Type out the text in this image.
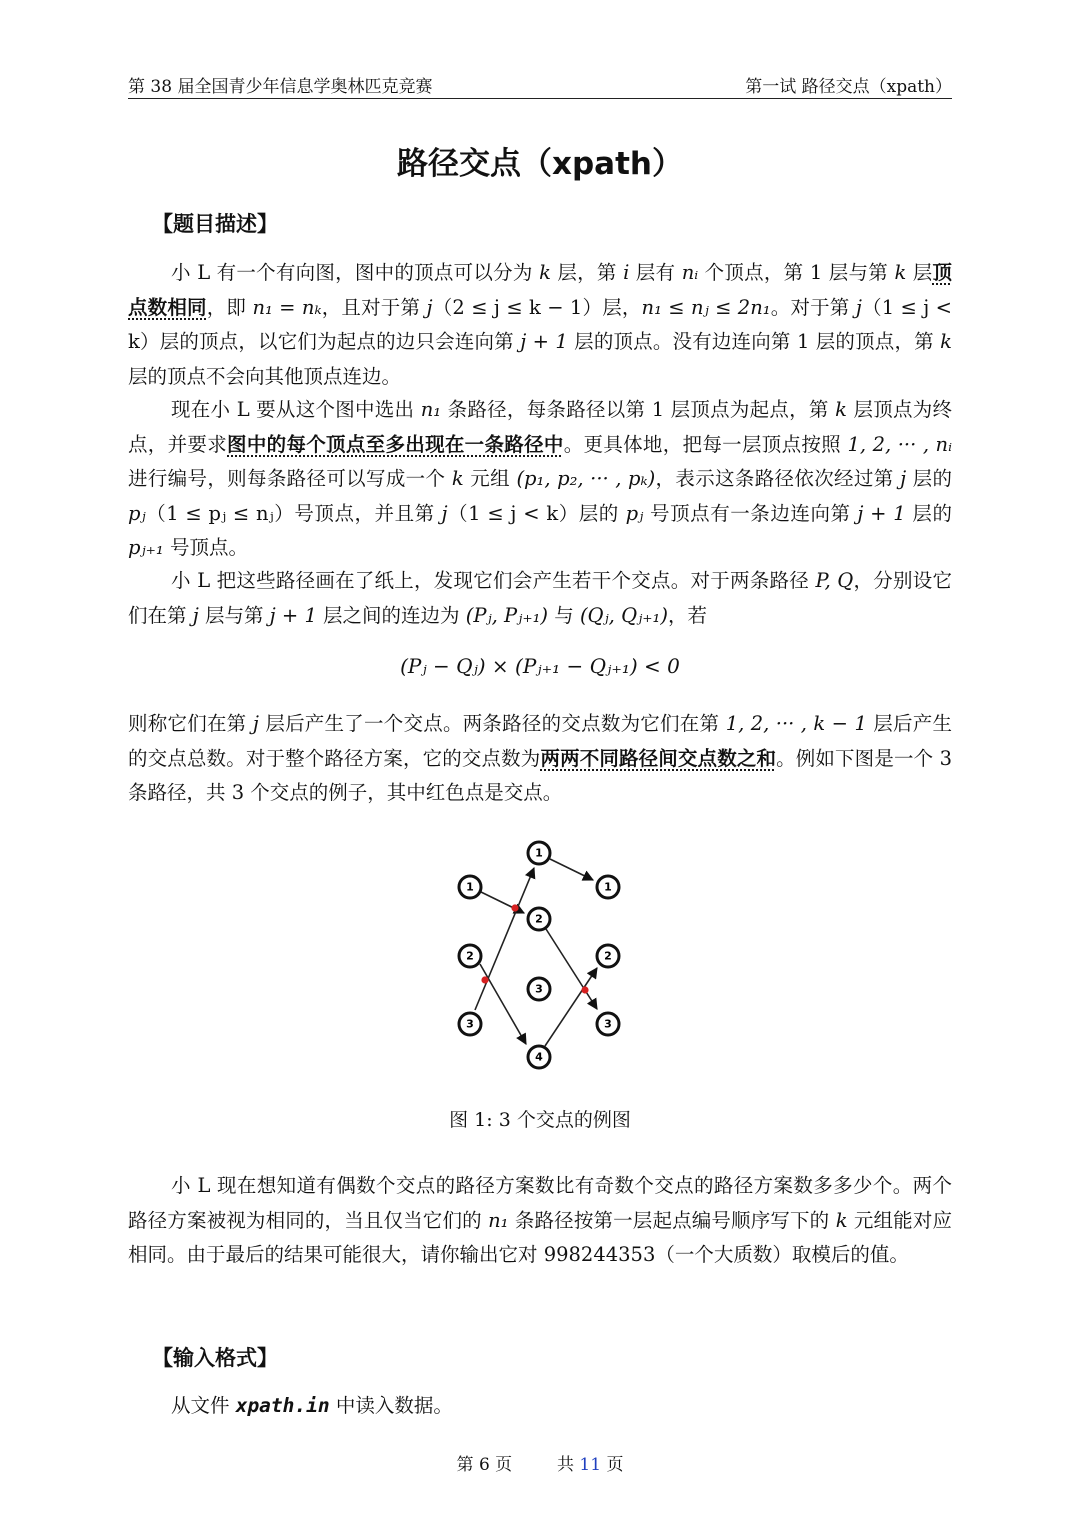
第 38 届全国青少年信息学奥林匹克竞赛	第一试 路径交点（xpath）
路径交点（xpath）
【题目描述】
小 L 有一个有向图，图中的顶点可以分为 k 层，第 i 层有 nᵢ 个顶点，第 1 层与第 k 层顶点数相同，即 n₁ = nₖ，且对于第 j（2 ≤ j ≤ k − 1）层，n₁ ≤ nⱼ ≤ 2n₁。对于第 j（1 ≤ j < k）层的顶点，以它们为起点的边只会连向第 j + 1 层的顶点。没有边连向第 1 层的顶点，第 k 层的顶点不会向其他顶点连边。
现在小 L 要从这个图中选出 n₁ 条路径，每条路径以第 1 层顶点为起点，第 k 层顶点为终点，并要求图中的每个顶点至多出现在一条路径中。更具体地，把每一层顶点按照 1, 2, ··· , nᵢ 进行编号，则每条路径可以写成一个 k 元组 (p₁, p₂, ··· , pₖ)，表示这条路径依次经过第 j 层的 pⱼ（1 ≤ pⱼ ≤ nⱼ）号顶点，并且第 j（1 ≤ j < k）层的 pⱼ 号顶点有一条边连向第 j + 1 层的 pⱼ₊₁ 号顶点。
小 L 把这些路径画在了纸上，发现它们会产生若干个交点。对于两条路径 P, Q，分别设它们在第 j 层与第 j + 1 层之间的连边为 (Pⱼ, Pⱼ₊₁) 与 (Qⱼ, Qⱼ₊₁)，若
(Pⱼ − Qⱼ) × (Pⱼ₊₁ − Qⱼ₊₁) < 0
则称它们在第 j 层后产生了一个交点。两条路径的交点数为它们在第 1, 2, ··· , k − 1 层后产生的交点总数。对于整个路径方案，它的交点数为两两不同路径间交点数之和。例如下图是一个 3 条路径，共 3 个交点的例子，其中红色点是交点。
1
2
3
1
2
3
4
1
2
3
图 1: 3 个交点的例图
小 L 现在想知道有偶数个交点的路径方案数比有奇数个交点的路径方案数多多少个。两个路径方案被视为相同的，当且仅当它们的 n₁ 条路径按第一层起点编号顺序写下的 k 元组能对应相同。由于最后的结果可能很大，请你输出它对 998244353（一个大质数）取模后的值。
【输入格式】
从文件 xpath.in 中读入数据。
第 6 页	共 11 页
